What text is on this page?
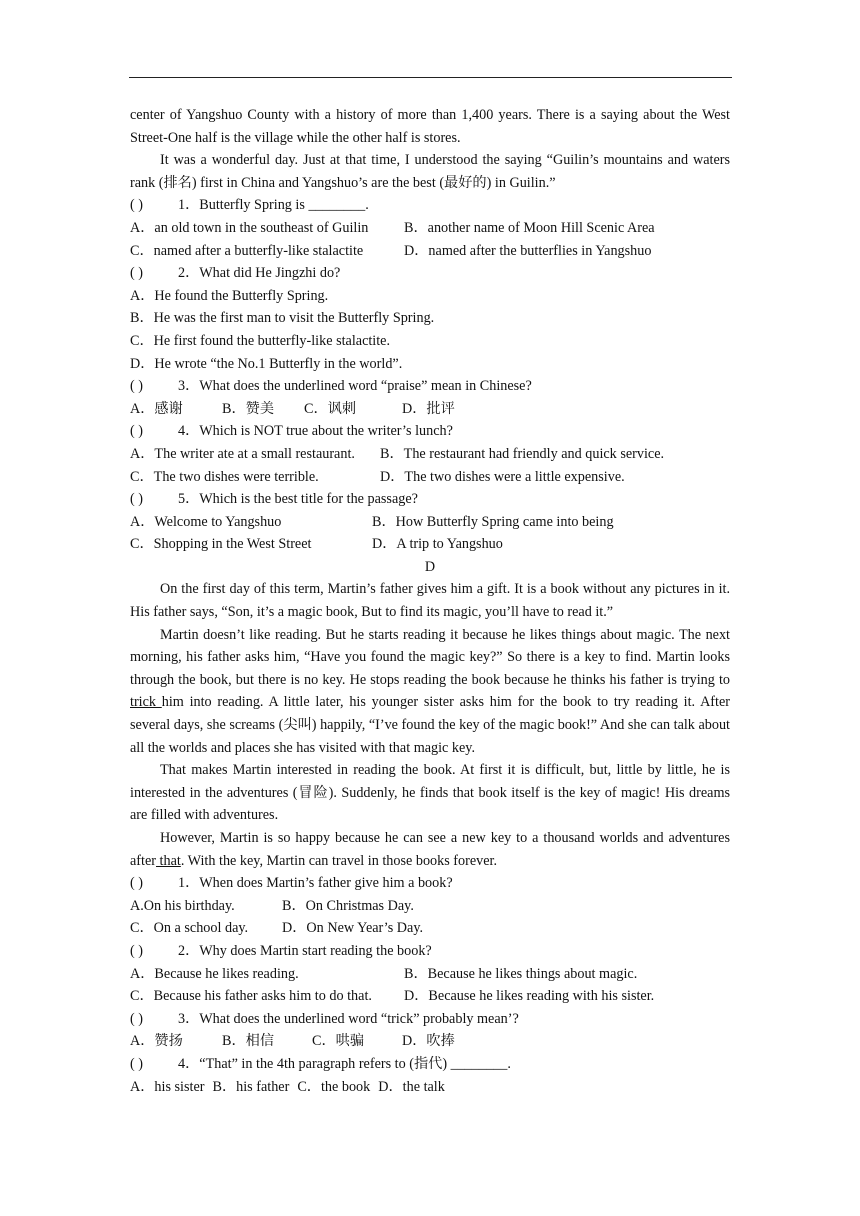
center of Yangshuo County with a history of more than 1,400 years. There is a saying about the West Street-One half is the village while the other half is stores.

It was a wonderful day. Just at that time, I understood the saying “Guilin’s mountains and waters rank (排名) first in China and Yangshuo’s are the best (最好的) in Guilin.”

( )	1．Butterfly Spring is ________.

A．an old town in the southeast of Guilin	B．another name of Moon Hill Scenic Area

C．named after a butterfly-like stalactite	D．named after the butterflies in Yangshuo

( )	2．What did He Jingzhi do?

A．He found the Butterfly Spring.

B．He was the first man to visit the Butterfly Spring.

C．He first found the butterfly-like stalactite.

D．He wrote “the No.1 Butterfly in the world”.

( )	3．What does the underlined word “praise” mean in Chinese?

A．感谢	B．赞美 C．讽刺	D．批评

( )	4．Which is NOT true about the writer’s lunch?

A．The writer ate at a small restaurant. B．The restaurant had friendly and quick service.

C．The two dishes were terrible.	D．The two dishes were a little expensive.

( )	5．Which is the best title for the passage?

A．Welcome to Yangshuo	B．How Butterfly Spring came into being

C．Shopping in the West Street	D．A trip to Yangshuo

D

On the first day of this term, Martin’s father gives him a gift. It is a book without any pictures in it. His father says, “Son, it’s a magic book, But to find its magic, you’ll have to read it.”

Martin doesn’t like reading. But he starts reading it because he likes things about magic. The next morning, his father asks him, “Have you found the magic key?” So there is a key to find. Martin looks through the book, but there is no key. He stops reading the book because he thinks his father is trying to trick him into reading. A little later, his younger sister asks him for the book to try reading it. After several days, she screams (尖叫) happily, “I’ve found the key of the magic book!” And she can talk about all the worlds and places she has visited with that magic key.

That makes Martin interested in reading the book. At first it is difficult, but, little by little, he is interested in the adventures (冒险). Suddenly, he finds that book itself is the key of magic! His dreams are filled with adventures.

However, Martin is so happy because he can see a new key to a thousand worlds and adventures after that. With the key, Martin can travel in those books forever.

( )	1．When does Martin’s father give him a book?

A.On his birthday.	B．On Christmas Day.

C．On a school day. D．On New Year’s Day.

( )	2．Why does Martin start reading the book?

A．Because he likes reading.	B．Because he likes things about magic.

C．Because his father asks him to do that. D．Because he likes reading with his sister.

( )	3．What does the underlined word “trick” probably mean’?

A．赞扬	B．相信	C．哄骗	D．吹捧

( )	4．“That” in the 4th paragraph refers to (指代) ________.

A．his sister B．his father C．the book D．the talk
